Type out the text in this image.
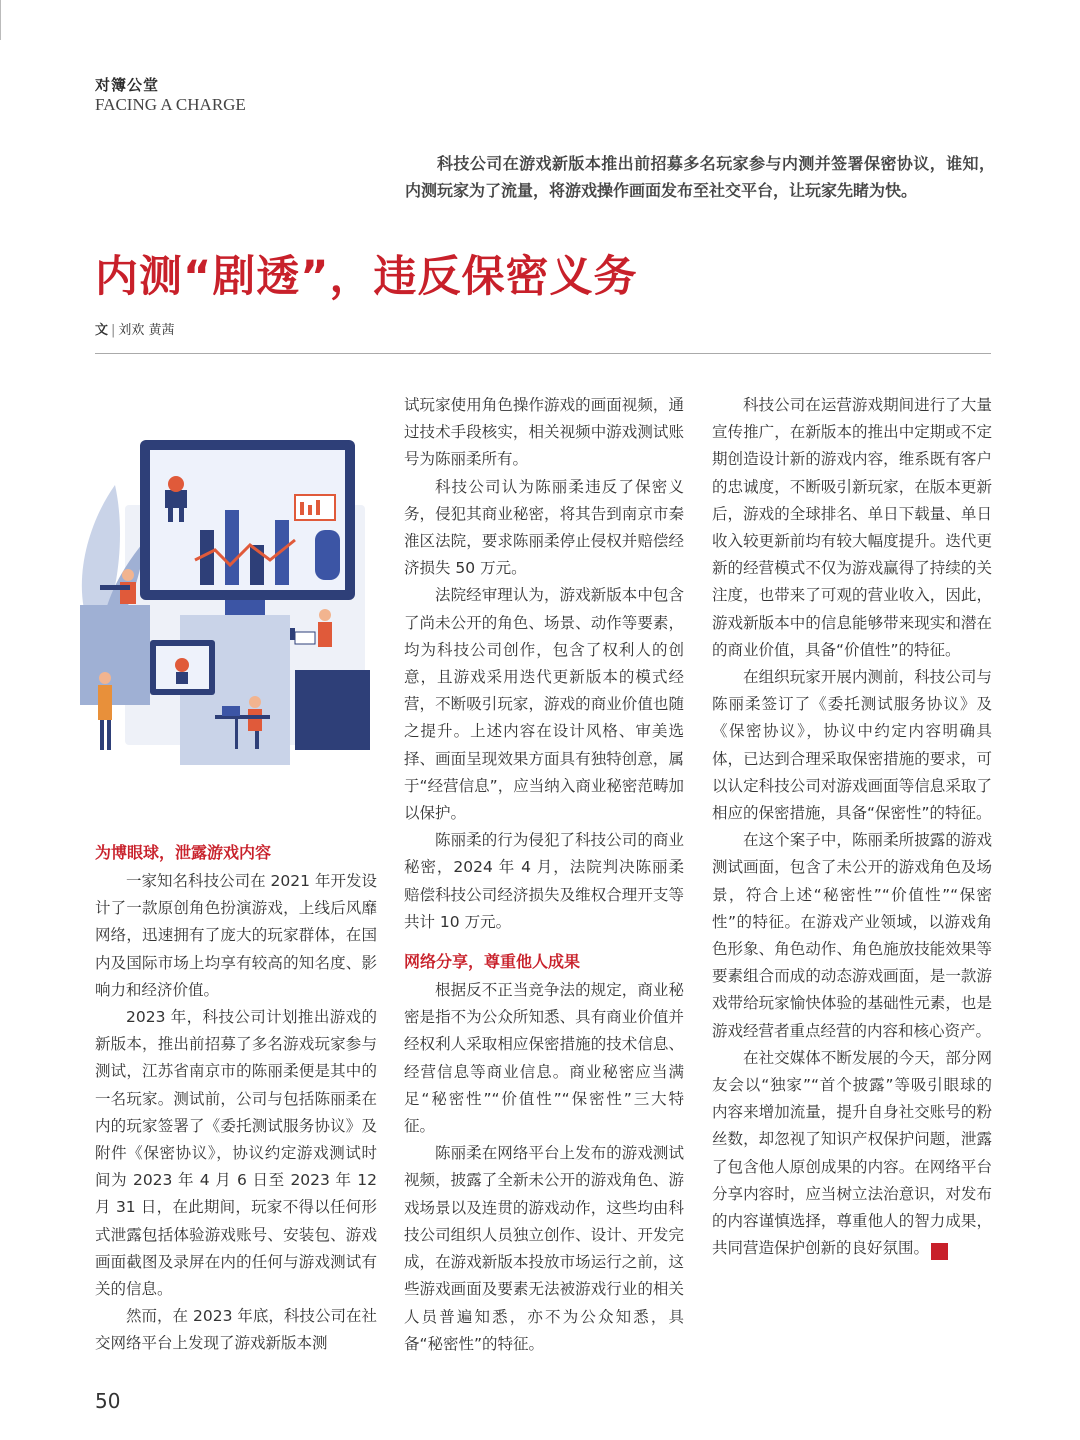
对簿公堂
FACING A CHARGE
科技公司在游戏新版本推出前招募多名玩家参与内测并签署保密协议，谁知，内测玩家为了流量，将游戏操作画面发布至社交平台，让玩家先睹为快。
内测“剧透”，违反保密义务
文 | 刘欢 黄茜
为博眼球，泄露游戏内容

一家知名科技公司在 2021 年开发设计了一款原创角色扮演游戏，上线后风靡网络，迅速拥有了庞大的玩家群体，在国内及国际市场上均享有较高的知名度、影响力和经济价值。

2023 年，科技公司计划推出游戏的新版本，推出前招募了多名游戏玩家参与测试，江苏省南京市的陈丽柔便是其中的一名玩家。测试前，公司与包括陈丽柔在内的玩家签署了《委托测试服务协议》及附件《保密协议》，协议约定游戏测试时间为 2023 年 4 月 6 日至 2023 年 12 月 31 日，在此期间，玩家不得以任何形式泄露包括体验游戏账号、安装包、游戏画面截图及录屏在内的任何与游戏测试有关的信息。

然而，在 2023 年底，科技公司在社交网络平台上发现了游戏新版本测

试玩家使用角色操作游戏的画面视频，通过技术手段核实，相关视频中游戏测试账号为陈丽柔所有。

科技公司认为陈丽柔违反了保密义务，侵犯其商业秘密，将其告到南京市秦淮区法院，要求陈丽柔停止侵权并赔偿经济损失 50 万元。

法院经审理认为，游戏新版本中包含了尚未公开的角色、场景、动作等要素，均为科技公司创作，包含了权利人的创意，且游戏采用迭代更新版本的模式经营，不断吸引玩家，游戏的商业价值也随之提升。上述内容在设计风格、审美选择、画面呈现效果方面具有独特创意，属于“经营信息”，应当纳入商业秘密范畴加以保护。

陈丽柔的行为侵犯了科技公司的商业秘密，2024 年 4 月，法院判决陈丽柔赔偿科技公司经济损失及维权合理开支等共计 10 万元。

网络分享，尊重他人成果

根据反不正当竞争法的规定，商业秘密是指不为公众所知悉、具有商业价值并经权利人采取相应保密措施的技术信息、经营信息等商业信息。商业秘密应当满足“秘密性”“价值性”“保密性”三大特征。

陈丽柔在网络平台上发布的游戏测试视频，披露了全新未公开的游戏角色、游戏场景以及连贯的游戏动作，这些均由科技公司组织人员独立创作、设计、开发完成，在游戏新版本投放市场运行之前，这些游戏画面及要素无法被游戏行业的相关人员普遍知悉，亦不为公众知悉，具备“秘密性”的特征。

科技公司在运营游戏期间进行了大量宣传推广，在新版本的推出中定期或不定期创造设计新的游戏内容，维系既有客户的忠诚度，不断吸引新玩家，在版本更新后，游戏的全球排名、单日下载量、单日收入较更新前均有较大幅度提升。迭代更新的经营模式不仅为游戏赢得了持续的关注度，也带来了可观的营业收入，因此，游戏新版本中的信息能够带来现实和潜在的商业价值，具备“价值性”的特征。

在组织玩家开展内测前，科技公司与陈丽柔签订了《委托测试服务协议》及《保密协议》，协议中约定内容明确具体，已达到合理采取保密措施的要求，可以认定科技公司对游戏画面等信息采取了相应的保密措施，具备“保密性”的特征。

在这个案子中，陈丽柔所披露的游戏测试画面，包含了未公开的游戏角色及场景，符合上述“秘密性”“价值性”“保密性”的特征。在游戏产业领域，以游戏角色形象、角色动作、角色施放技能效果等要素组合而成的动态游戏画面，是一款游戏带给玩家愉快体验的基础性元素，也是游戏经营者重点经营的内容和核心资产。

在社交媒体不断发展的今天，部分网友会以“独家”“首个披露”等吸引眼球的内容来增加流量，提升自身社交账号的粉丝数，却忽视了知识产权保护问题，泄露了包含他人原创成果的内容。在网络平台分享内容时，应当树立法治意识，对发布的内容谨慎选择，尊重他人的智力成果，共同营造保护创新的良好氛围。	fz

50
